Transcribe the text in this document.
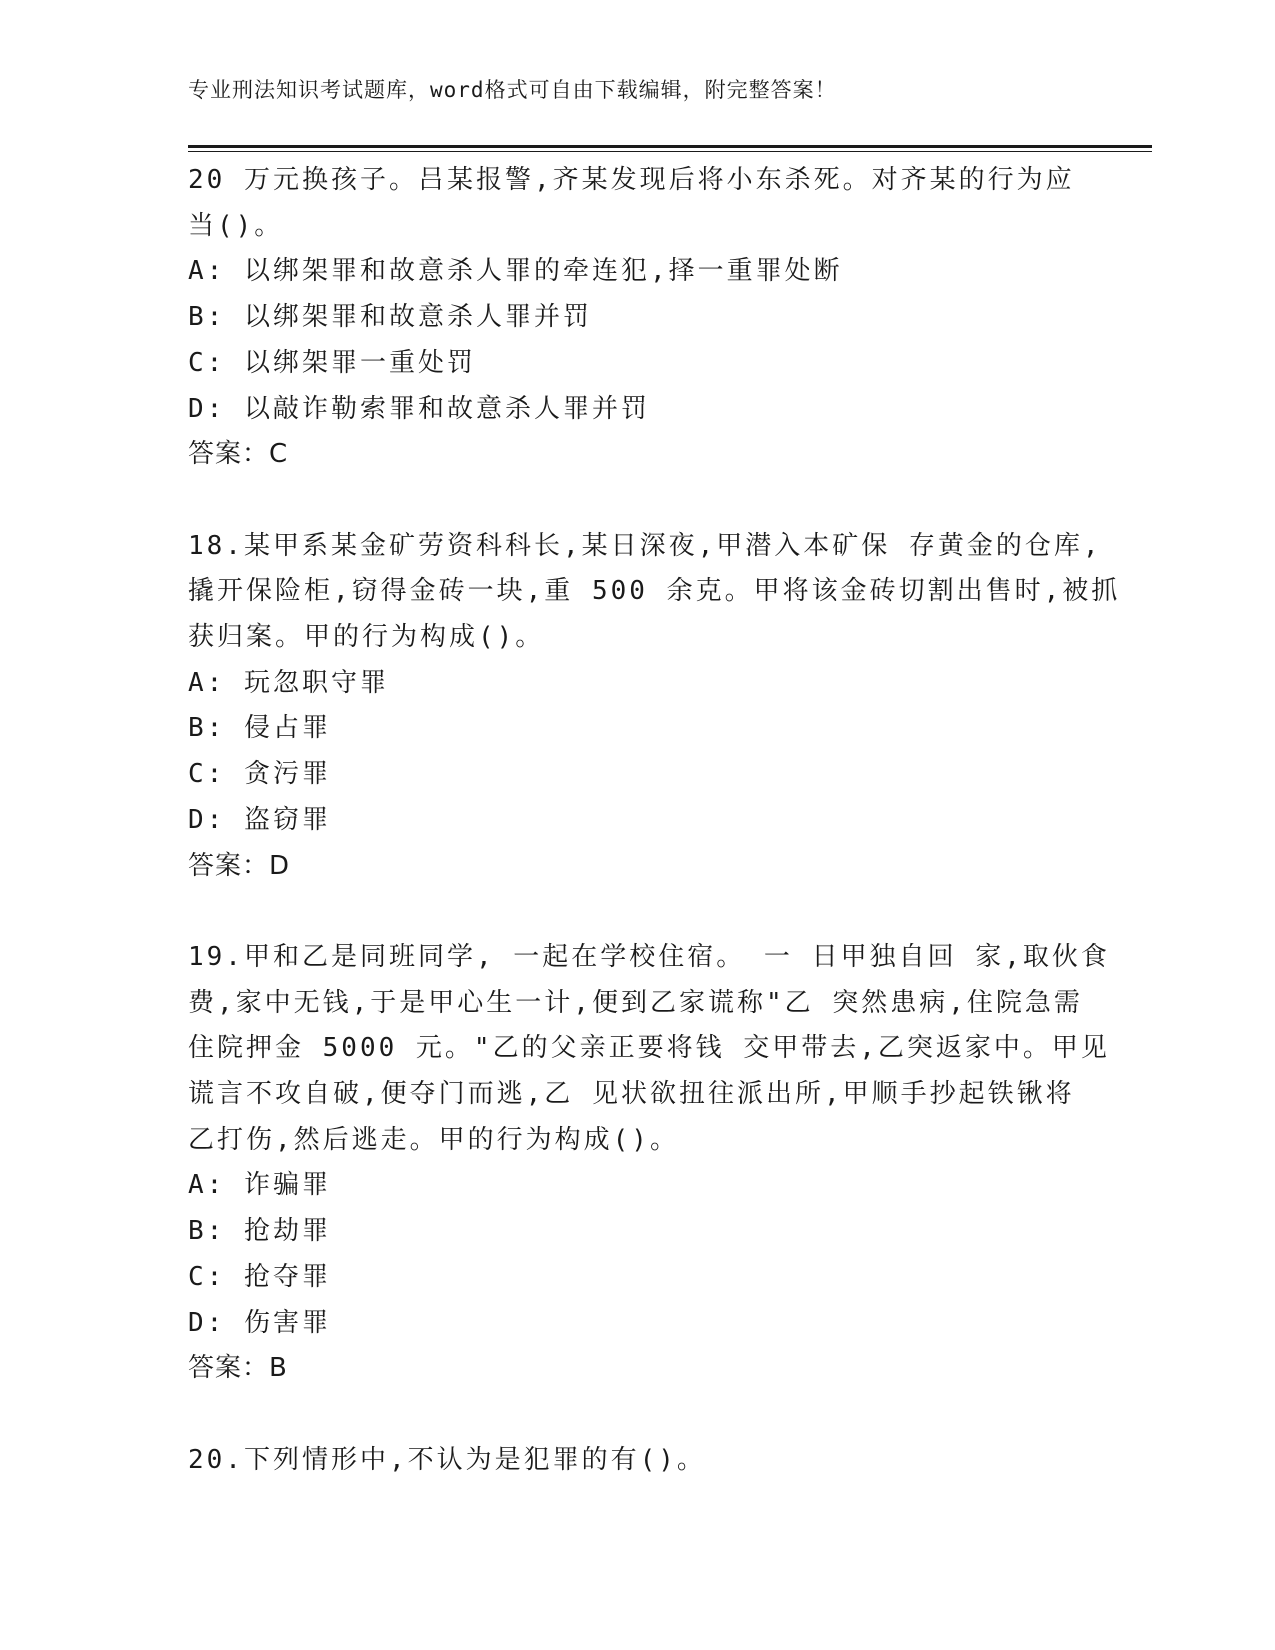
专业刑法知识考试题库，word格式可自由下载编辑，附完整答案！
20 万元换孩子。吕某报警,齐某发现后将小东杀死。对齐某的行为应
当()。
A: 以绑架罪和故意杀人罪的牵连犯,择一重罪处断
B: 以绑架罪和故意杀人罪并罚
C: 以绑架罪一重处罚
D: 以敲诈勒索罪和故意杀人罪并罚
答案：C
18.某甲系某金矿劳资科科长,某日深夜,甲潜入本矿保 存黄金的仓库,
撬开保险柜,窃得金砖一块,重 500 余克。甲将该金砖切割出售时,被抓
获归案。甲的行为构成()。
A: 玩忽职守罪
B: 侵占罪
C: 贪污罪
D: 盗窃罪
答案：D
19.甲和乙是同班同学, 一起在学校住宿。 一 日甲独自回 家,取伙食
费,家中无钱,于是甲心生一计,便到乙家谎称"乙 突然患病,住院急需
住院押金 5000 元。"乙的父亲正要将钱 交甲带去,乙突返家中。甲见
谎言不攻自破,便夺门而逃,乙 见状欲扭往派出所,甲顺手抄起铁锹将
乙打伤,然后逃走。甲的行为构成()。
A: 诈骗罪
B: 抢劫罪
C: 抢夺罪
D: 伤害罪
答案：B
20.下列情形中,不认为是犯罪的有()。
